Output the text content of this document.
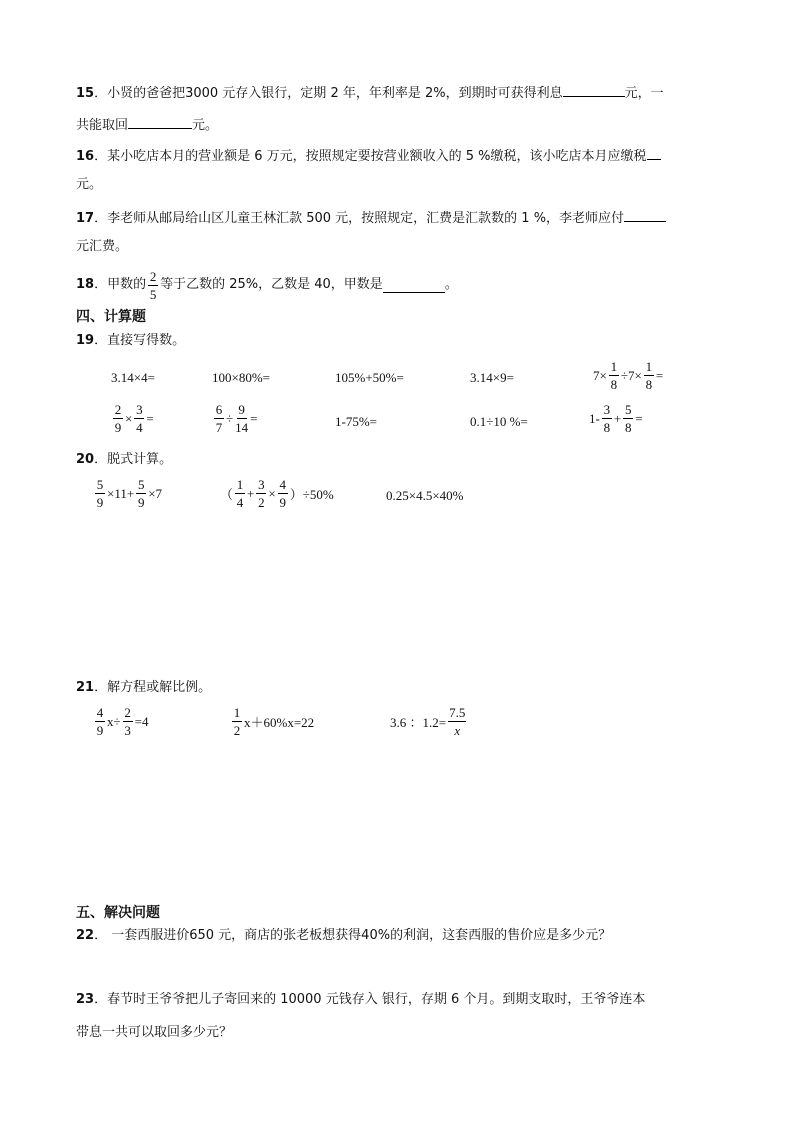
15．小贤的爸爸把3000 元存入银行，定期 2 年，年利率是 2%，到期时可获得利息	元，一
共能取回	元。
16．某小吃店本月的营业额是 6 万元，按照规定要按营业额收入的 5 %缴税，该小吃店本月应缴税
元。
17．李老师从邮局给山区儿童王林汇款 500 元，按照规定，汇费是汇款数的 1 %，李老师应付
元汇费。
18 ．甲数的 $\frac{2}{5}$ 等于乙数的 25%，乙数是 40，甲数是	。
四、计算题
19．直接写得数。
3.14×4=	100×80%=	105%+50%=	3.14×9=	$7\times \frac{1}{8} \div 7\times \frac{1}{8}$ =
$\frac{2}{9} \times \frac{3}{4}$ =	$\frac{6}{7} \div \frac{9}{14}$ =	1-75%=	0.1÷10 %=	$1- \frac{3}{8} + \frac{5}{8}$ =
20．脱式计算。
$\frac{5}{9} \times 11+ \frac{5}{9} \times 7$	（ $\frac{1}{4} + \frac{3}{2} \times \frac{4}{9} )\div 50\%$	0.25×4.5×40%
21．解方程或解比例。
$\frac{4}{9} x\div \frac{2}{3} =4$	$\frac{1}{2} x+60\%x=22$	3.6 ：$1.2= \frac{7.5}{x}$
五、解决问题
22． 一套西服进价650 元，商店的张老板想获得40%的利润，这套西服的售价应是多少元？
23．春节时王爷爷把儿子寄回来的 10000 元钱存入 银行，存期 6 个月。到期支取时，王爷爷连本
带息一共可以取回多少元？
